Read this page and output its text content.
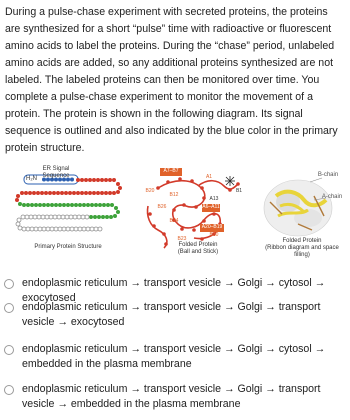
During a pulse-chase experiment with secreted proteins, the proteins are synthesized for a short “pulse” time with radioactive or fluorescent amino acids to label the proteins. During the “chase” period, unlabeled amino acids are added, so any additional proteins synthesized are not labeled. The labeled proteins can then be monitored over time. You complete a pulse-chase experiment to monitor the movement of a protein. The protein is shown in the following diagram. Its signal sequence is outlined and also indicated by the blue color in the primary protein structure.
ER Signal Sequence
H₂N
Primary Protein Structure
A7–B7
B1
B20
B12
B24
A20–B19
A6–A11
A13
B30
B23
B26
A1
Folded Protein
(Ball and Stick)
B-chain
A-chain
Folded Protein
(Ribbon diagram and space
filling)
endoplasmic reticulum → transport vesicle → Golgi → cytosol → exocytosed
endoplasmic reticulum → transport vesicle → Golgi → transport vesicle → exocytosed
endoplasmic reticulum → transport vesicle → Golgi → cytosol → embedded in the plasma membrane
endoplasmic reticulum → transport vesicle → Golgi → transport vesicle → embedded in the plasma membrane
